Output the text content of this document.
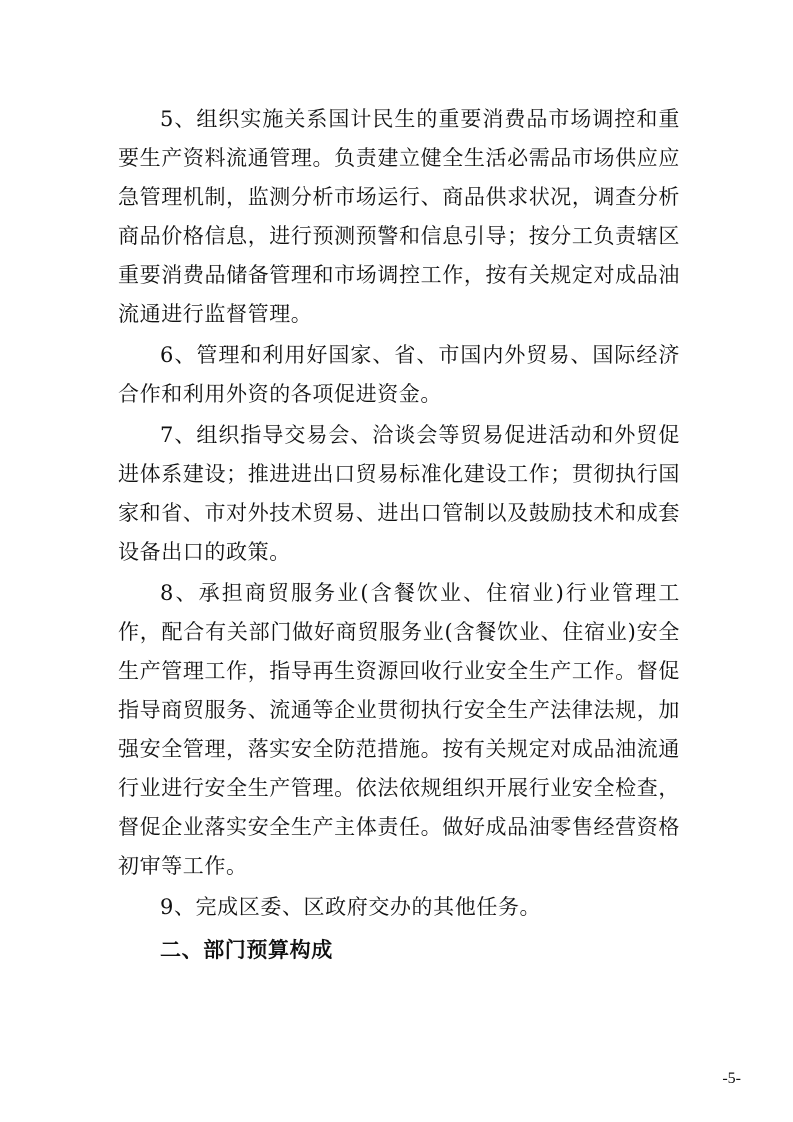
5、组织实施关系国计民生的重要消费品市场调控和重要生产资料流通管理。负责建立健全生活必需品市场供应应急管理机制，监测分析市场运行、商品供求状况，调查分析商品价格信息，进行预测预警和信息引导；按分工负责辖区重要消费品储备管理和市场调控工作，按有关规定对成品油流通进行监督管理。

6、管理和利用好国家、省、市国内外贸易、国际经济合作和利用外资的各项促进资金。

7、组织指导交易会、洽谈会等贸易促进活动和外贸促进体系建设；推进进出口贸易标准化建设工作；贯彻执行国家和省、市对外技术贸易、进出口管制以及鼓励技术和成套设备出口的政策。

8、承担商贸服务业(含餐饮业、住宿业)行业管理工作，配合有关部门做好商贸服务业(含餐饮业、住宿业)安全生产管理工作，指导再生资源回收行业安全生产工作。督促指导商贸服务、流通等企业贯彻执行安全生产法律法规，加强安全管理，落实安全防范措施。按有关规定对成品油流通行业进行安全生产管理。依法依规组织开展行业安全检查，督促企业落实安全生产主体责任。做好成品油零售经营资格初审等工作。

9、完成区委、区政府交办的其他任务。

二、部门预算构成

-5-
